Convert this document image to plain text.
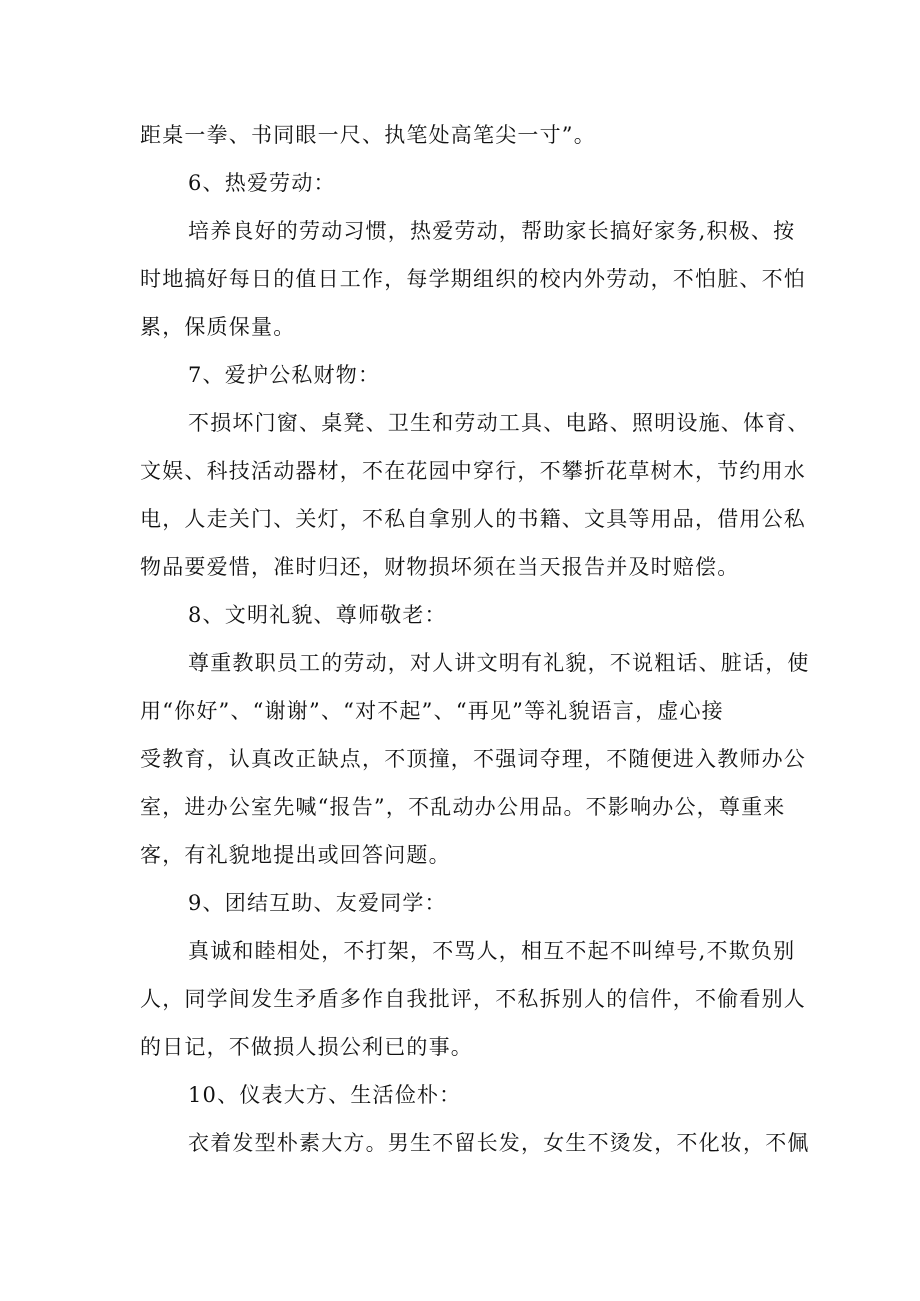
距桌一拳、书同眼一尺、执笔处高笔尖一寸”。
6、热爱劳动：
培养良好的劳动习惯，热爱劳动，帮助家长搞好家务,积极、按
时地搞好每日的值日工作，每学期组织的校内外劳动，不怕脏、不怕
累，保质保量。
7、爱护公私财物：
不损坏门窗、桌凳、卫生和劳动工具、电路、照明设施、体育、
文娱、科技活动器材，不在花园中穿行，不攀折花草树木，节约用水
电，人走关门、关灯，不私自拿别人的书籍、文具等用品，借用公私
物品要爱惜，准时归还，财物损坏须在当天报告并及时赔偿。
8、文明礼貌、尊师敬老：
尊重教职员工的劳动，对人讲文明有礼貌，不说粗话、脏话，使
用“你好”、“谢谢”、“对不起”、“再见”等礼貌语言，虚心接
受教育，认真改正缺点，不顶撞，不强词夺理，不随便进入教师办公
室，进办公室先喊“报告”，不乱动办公用品。不影响办公，尊重来
客，有礼貌地提出或回答问题。
9、团结互助、友爱同学：
真诚和睦相处，不打架，不骂人，相互不起不叫绰号,不欺负别
人，同学间发生矛盾多作自我批评，不私拆别人的信件，不偷看别人
的日记，不做损人损公利已的事。
10、仪表大方、生活俭朴：
衣着发型朴素大方。男生不留长发，女生不烫发，不化妆，不佩
